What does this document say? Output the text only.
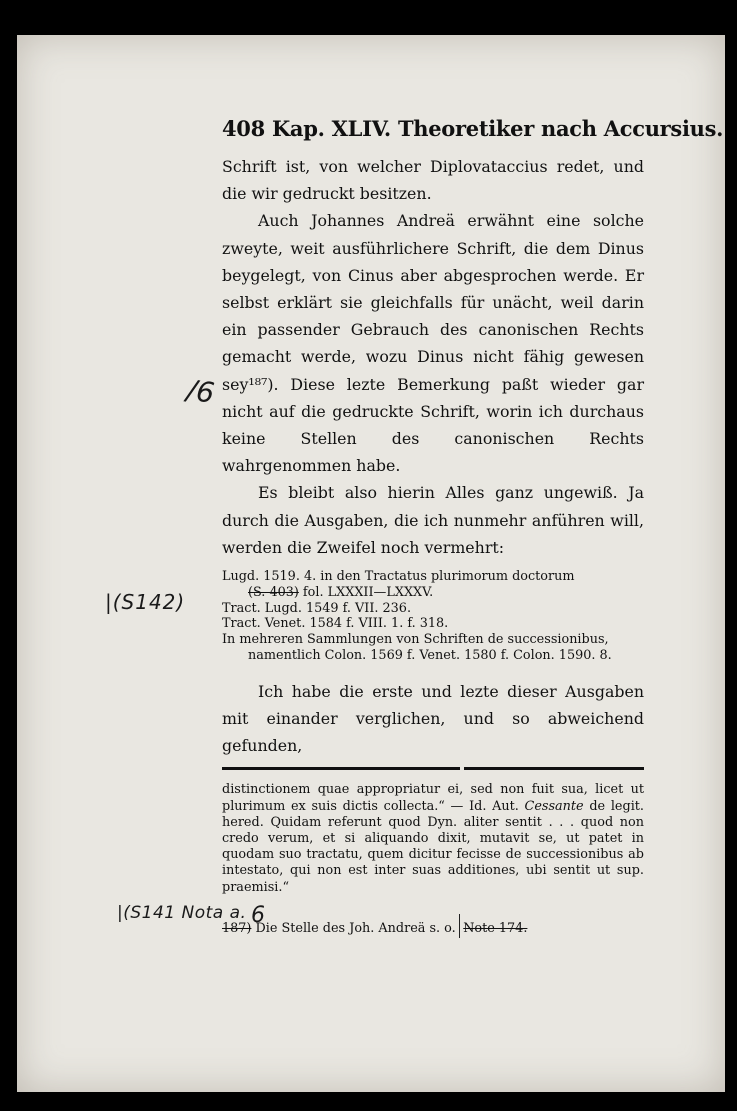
408 Kap. XLIV. Theoretiker nach Accursius.

Schrift ist, von welcher Diplovataccius redet, und die wir gedruckt besitzen.

Auch Johannes Andreä erwähnt eine solche zweyte, weit ausführlichere Schrift, die dem Dinus beygelegt, von Cinus aber abgesprochen werde. Er selbst erklärt sie gleichfalls für unächt, weil darin ein passender Gebrauch des canonischen Rechts gemacht werde, wozu Dinus nicht fähig gewesen sey¹⁸⁷). Diese lezte Bemerkung paßt wieder gar nicht auf die gedruckte Schrift, worin ich durchaus keine Stellen des canonischen Rechts wahrgenommen habe.

Es bleibt also hierin Alles ganz ungewiß. Ja durch die Ausgaben, die ich nunmehr anführen will, werden die Zweifel noch vermehrt:

Lugd. 1519. 4. in den Tractatus plurimorum doctorum

(S. 403) fol. LXXXII—LXXXV.

Tract. Lugd. 1549 f. VII. 236.

Tract. Venet. 1584 f. VIII. 1. f. 318.

In mehreren Sammlungen von Schriften de successionibus,

namentlich Colon. 1569 f. Venet. 1580 f. Colon. 1590. 8.

Ich habe die erste und lezte dieser Ausgaben mit einander verglichen, und so abweichend gefunden,

distinctionem quae appropriatur ei, sed non fuit sua, licet ut plurimum ex suis dictis collecta.“ — Id. Aut. Cessante de legit. hered. Quidam referunt quod Dyn. aliter sentit . . . quod non credo verum, et si aliquando dixit, mutavit se, ut patet in quodam suo tractatu, quem dicitur fecisse de successionibus ab intestato, qui non est inter suas additiones, ubi sentit ut sup. praemisi.“
187) Die Stelle des Joh. Andreä s. o. Note 174.
/6
|(S142)
|(S141 Nota a. 6
